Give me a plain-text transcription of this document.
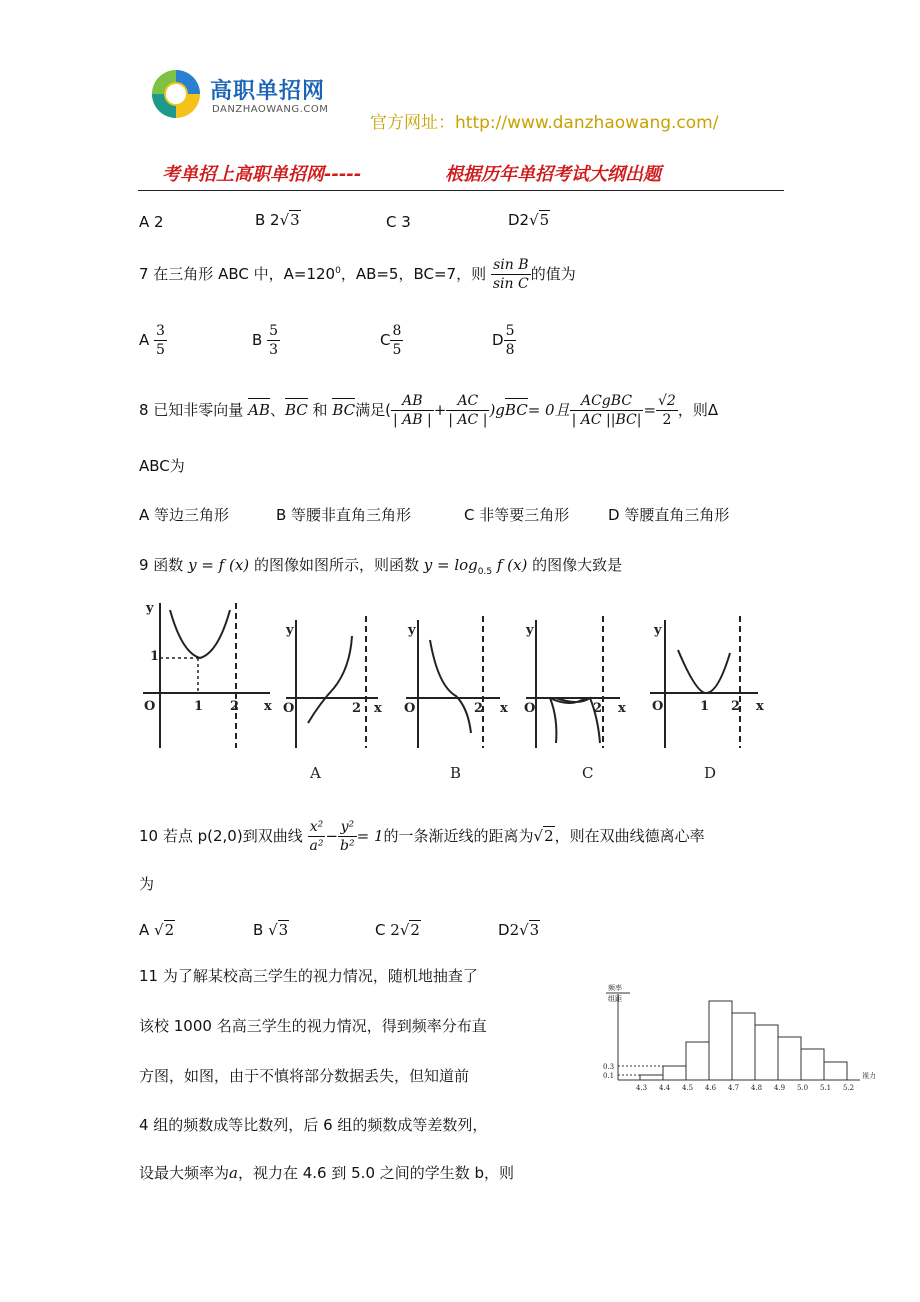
高职单招网
DANZHAOWANG.COM
官方网址：http://www.danzhaowang.com/
考单招上高职单招网-----	根据历年单招考试大纲出题
A 2	B 2√3	C 3	D2√5
7 在三角形 ABC 中，$A=120^0$，AB=5，BC=7，则 $\frac{\text{sin B}}{\text{sin C}}$ 的值为
A $\frac{3}{5}$	B $\frac{5}{3}$	C $\frac{8}{5}$	D $\frac{5}{8}$
8 已知非零向量 AB、BC 和 BC满足( $\frac{AB}{| AB |} + \frac{AC}{| AC |} )gBC= 0$且 $\frac{\text{ACgBC}}{| AC ||BC|} = \frac{√2}{2}$ ，则Δ
ABC为
A 等边三角形	B 等腰非直角三角形	C 非等要三角形	D 等腰直角三角形
9 函数 y = f (x) 的图像如图所示，则函数 $y = \log_{0.5} f$ (x) 的图像大致是
y
1
O	1 2 x
y
O	2 x
y
O	2 x
y
O	2 x
y
O	1 2 x
A	B	C	D
10 若点 p(2,0)到双曲线 $\frac{\text{x²}}{\text{a²}} - \frac{\text{y²}}{\text{b²}} = 1$的一条渐近线的距离为√2，则在双曲线德离心率
为
A √2	B √3	C 2√2	D2√3
11 为了解某校高三学生的视力情况，随机地抽查了
该校 1000 名高三学生的视力情况，得到频率分布直
方图，如图，由于不慎将部分数据丢失，但知道前
4 组的频数成等比数列，后 6 组的频数成等差数列，
设最大频率为a，视力在 4.6 到 5.0 之间的学生数 b，则
频率
组距
0.3
0.1	视力
4.3 4.4 4.5 4.6 4.7 4.8 4.9 5.0 5.1 5.2
